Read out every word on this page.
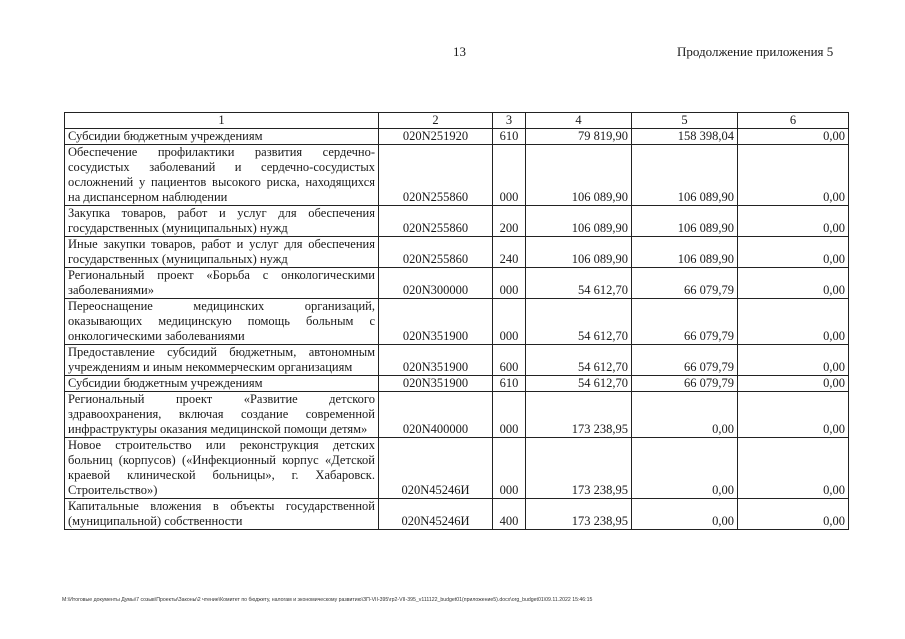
13	Продолжение приложения 5
1	2	3	4	5	6
Субсидии бюджетным учреждениям	020N251920	610	79 819,90	158 398,04	0,00
Обеспечение профилактики развития сердечно-сосудистых заболеваний и сердечно-сосудистых осложнений у пациентов высокого риска, находящихся на диспансерном наблюдении	020N255860	000	106 089,90	106 089,90	0,00
Закупка товаров, работ и услуг для обеспечения государственных (муниципальных) нужд	020N255860	200	106 089,90	106 089,90	0,00
Иные закупки товаров, работ и услуг для обеспечения государственных (муниципальных) нужд	020N255860	240	106 089,90	106 089,90	0,00
Региональный проект «Борьба с онкологическими заболеваниями»	020N300000	000	54 612,70	66 079,79	0,00
Переоснащение медицинских организаций, оказывающих медицинскую помощь больным с онкологическими заболеваниями	020N351900	000	54 612,70	66 079,79	0,00
Предоставление субсидий бюджетным, автономным учреждениям и иным некоммерческим организациям	020N351900	600	54 612,70	66 079,79	0,00
Субсидии бюджетным учреждениям	020N351900	610	54 612,70	66 079,79	0,00
Региональный проект «Развитие детского здравоохранения, включая создание современной инфраструктуры оказания медицинской помощи детям»	020N400000	000	173 238,95	0,00	0,00
Новое строительство или реконструкция детских больниц (корпусов) («Инфекционный корпус «Детской краевой клинической больницы», г. Хабаровск. Строительство»)	020N45246И	000	173 238,95	0,00	0,00
Капитальные вложения в объекты государственной (муниципальной) собственности	020N45246И	400	173 238,95	0,00	0,00
M:\Итоговые документы Думы\7 созыв\Проекты\Законы\2 чтение\Комитет по бюджету, налогам и экономическому развитию\ЗП-VII-395\гр2-VII-395_v111122_budget01(приложение5).docx\org_budget01\09.11.2022 15:46:15
